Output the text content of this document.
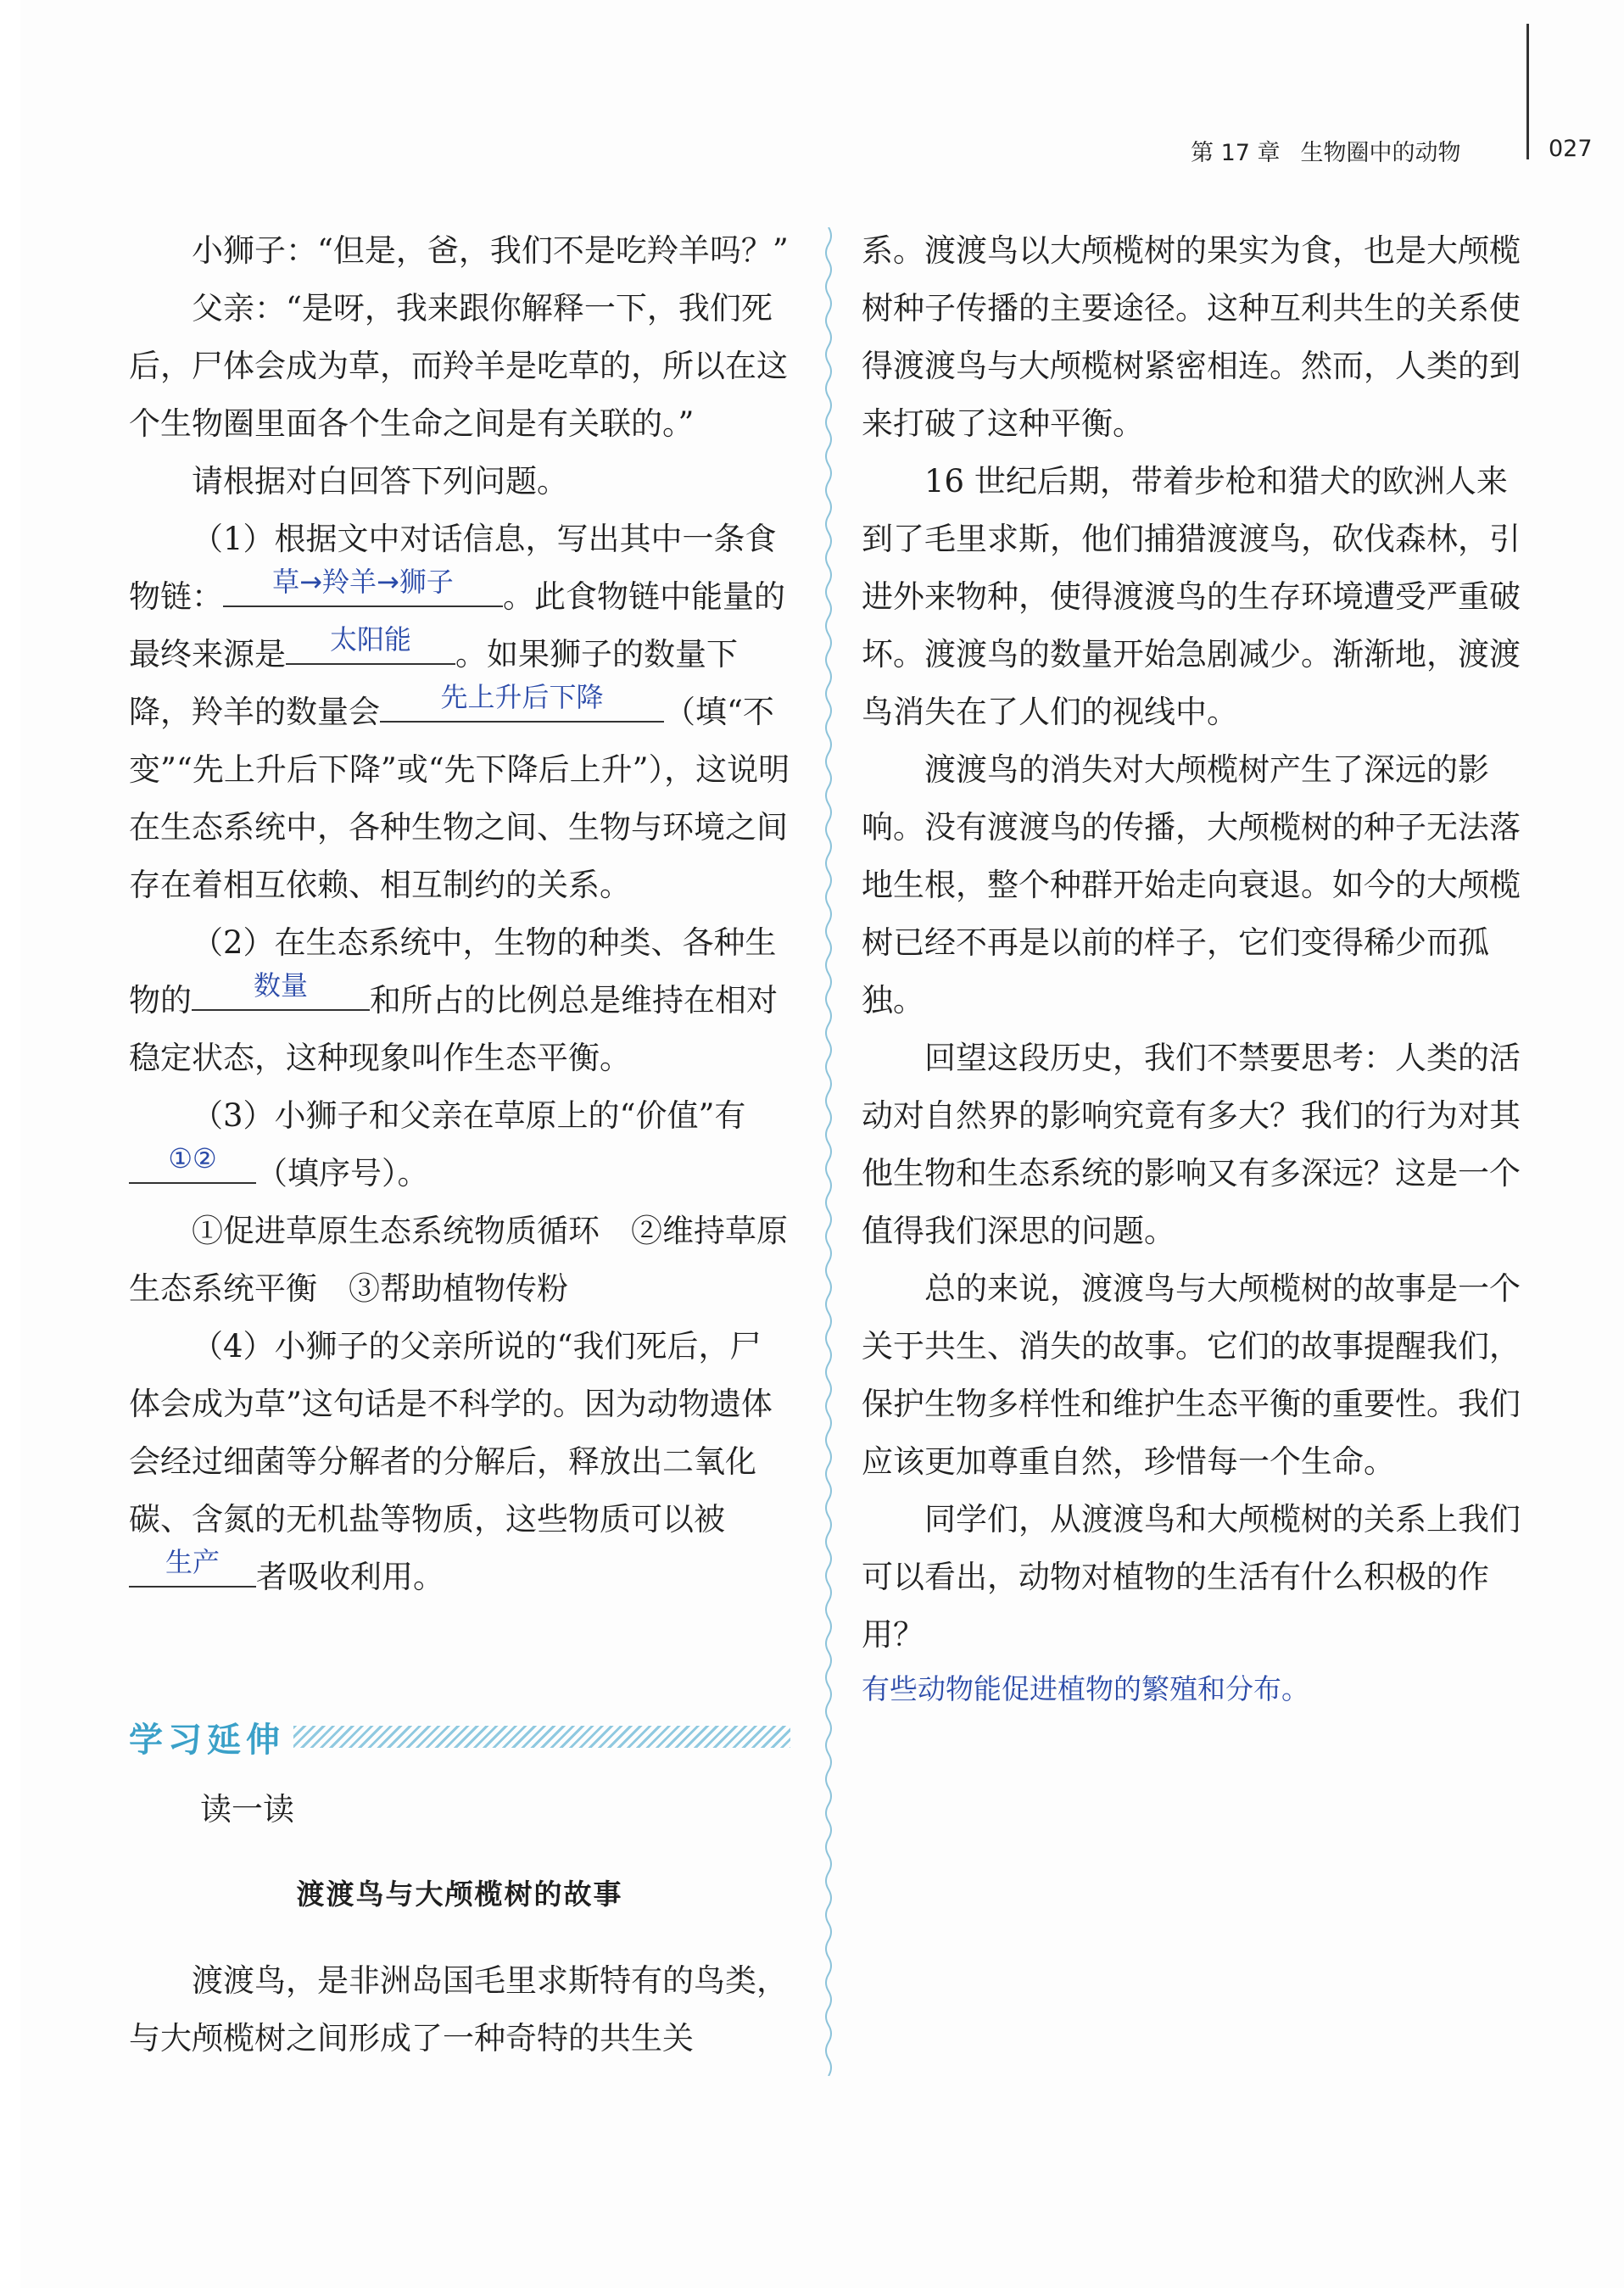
第 17 章 生物圈中的动物	027

小狮子：“但是，爸，我们不是吃羚羊吗？”

父亲：“是呀，我来跟你解释一下，我们死后，尸体会成为草，而羚羊是吃草的，所以在这个生物圈里面各个生命之间是有关联的。”

请根据对白回答下列问题。

（1）根据文中对话信息，写出其中一条食物链：	草→羚羊→狮子	。此食物链中能量的最终来源是	太阳能	。如果狮子的数量下降，羚羊的数量会	先上升后下降	（填“不变”“先上升后下降”或“先下降后上升”），这说明在生态系统中，各种生物之间、生物与环境之间存在着相互依赖、相互制约的关系。

（2）在生态系统中，生物的种类、各种生物的	数量	和所占的比例总是维持在相对稳定状态，这种现象叫作生态平衡。

（3）小狮子和父亲在草原上的“价值”有
①②	（填序号）。

①促进草原生态系统物质循环　②维持草原生态系统平衡　③帮助植物传粉

（4）小狮子的父亲所说的“我们死后，尸体会成为草”这句话是不科学的。因为动物遗体会经过细菌等分解者的分解后，释放出二氧化碳、含氮的无机盐等物质，这些物质可以被
生产	者吸收利用。

学习延伸
读一读
渡渡鸟与大颅榄树的故事

渡渡鸟，是非洲岛国毛里求斯特有的鸟类，与大颅榄树之间形成了一种奇特的共生关

系。渡渡鸟以大颅榄树的果实为食，也是大颅榄树种子传播的主要途径。这种互利共生的关系使得渡渡鸟与大颅榄树紧密相连。然而，人类的到来打破了这种平衡。

16 世纪后期，带着步枪和猎犬的欧洲人来到了毛里求斯，他们捕猎渡渡鸟，砍伐森林，引进外来物种，使得渡渡鸟的生存环境遭受严重破坏。渡渡鸟的数量开始急剧减少。渐渐地，渡渡鸟消失在了人们的视线中。

渡渡鸟的消失对大颅榄树产生了深远的影响。没有渡渡鸟的传播，大颅榄树的种子无法落地生根，整个种群开始走向衰退。如今的大颅榄树已经不再是以前的样子，它们变得稀少而孤独。

回望这段历史，我们不禁要思考：人类的活动对自然界的影响究竟有多大？我们的行为对其他生物和生态系统的影响又有多深远？这是一个值得我们深思的问题。

总的来说，渡渡鸟与大颅榄树的故事是一个关于共生、消失的故事。它们的故事提醒我们，保护生物多样性和维护生态平衡的重要性。我们应该更加尊重自然，珍惜每一个生命。

同学们，从渡渡鸟和大颅榄树的关系上我们可以看出，动物对植物的生活有什么积极的作用？

有些动物能促进植物的繁殖和分布。
